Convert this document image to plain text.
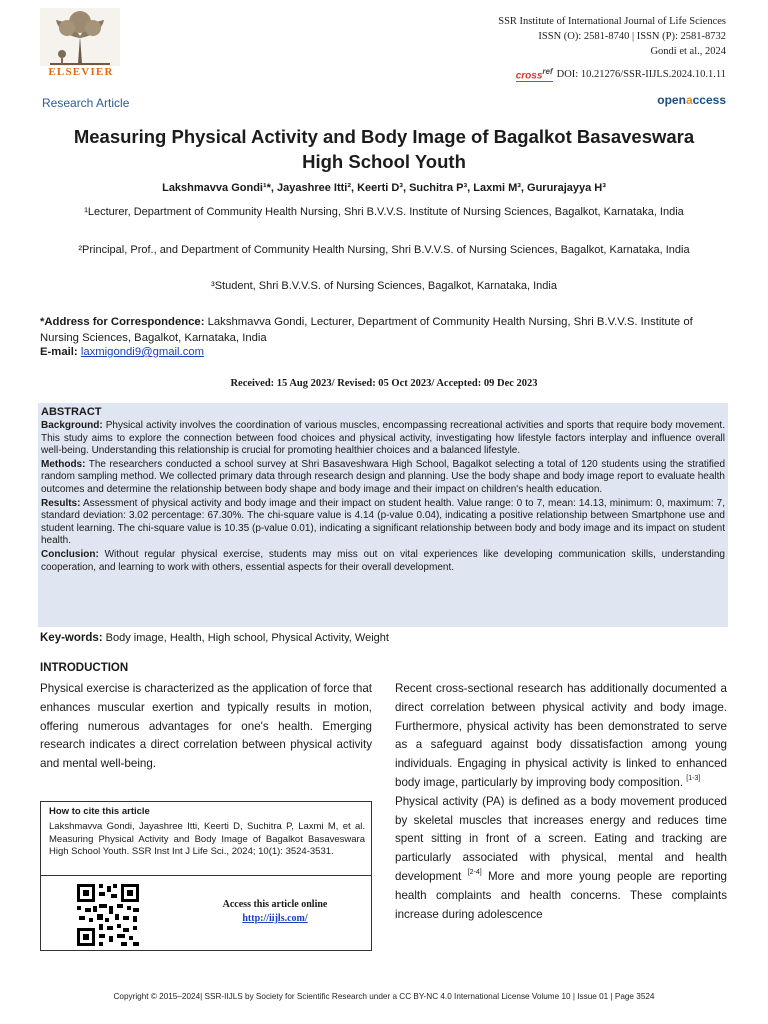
ELSEVIER
SSR Institute of International Journal of Life Sciences
ISSN (O): 2581-8740 | ISSN (P): 2581-8732
Gondi et al., 2024
cross$^{ref}$ DOI: 10.21276/SSR-IIJLS.2024.10.1.11
Research Article	openaccess
Measuring Physical Activity and Body Image of Bagalkot Basaveswara High School Youth
Lakshmavva Gondi¹*, Jayashree Itti², Keerti D³, Suchitra P³, Laxmi M³, Gururajayya H³
¹Lecturer, Department of Community Health Nursing, Shri B.V.V.S. Institute of Nursing Sciences, Bagalkot, Karnataka, India
²Principal, Prof., and Department of Community Health Nursing, Shri B.V.V.S. of Nursing Sciences, Bagalkot, Karnataka, India
³Student, Shri B.V.V.S. of Nursing Sciences, Bagalkot, Karnataka, India
*Address for Correspondence: Lakshmavva Gondi, Lecturer, Department of Community Health Nursing, Shri B.V.V.S. Institute of Nursing Sciences, Bagalkot, Karnataka, India
E-mail: laxmigondi9@gmail.com
Received: 15 Aug 2023/ Revised: 05 Oct 2023/ Accepted: 09 Dec 2023
ABSTRACT

Background: Physical activity involves the coordination of various muscles, encompassing recreational activities and sports that require body movement. This study aims to explore the connection between food choices and physical activity, investigating how lifestyle factors interplay and influence overall well-being. Understanding this relationship is crucial for promoting healthier choices and a balanced lifestyle.

Methods: The researchers conducted a school survey at Shri Basaveshwara High School, Bagalkot selecting a total of 120 students using the stratified random sampling method. We collected primary data through research design and planning. Use the body shape and body image report to evaluate health outcomes and determine the relationship between body shape and body image and their impact on children's health education.

Results: Assessment of physical activity and body image and their impact on student health. Value range: 0 to 7, mean: 14.13, minimum: 0, maximum: 7, standard deviation: 3.02 percentage: 67.30%. The chi-square value is 4.14 (p-value 0.04), indicating a positive relationship between Smartphone use and student learning. The chi-square value is 10.35 (p-value 0.01), indicating a significant relationship between body and body image and its impact on student health.

Conclusion: Without regular physical exercise, students may miss out on vital experiences like developing communication skills, understanding cooperation, and learning to work with others, essential aspects for their overall development.

Key-words: Body image, Health, High school, Physical Activity, Weight
INTRODUCTION
Physical exercise is characterized as the application of force that enhances muscular exertion and typically results in motion, offering numerous advantages for one's health. Emerging research indicates a direct correlation between physical activity and mental well-being.

Recent cross-sectional research has additionally documented a direct correlation between physical activity and body image. Furthermore, physical activity has been demonstrated to serve as a safeguard against body dissatisfaction among young individuals. Engaging in physical activity is linked to enhanced body image, particularly by improving body composition. [1-3]

Physical activity (PA) is defined as a body movement produced by skeletal muscles that increases energy and reduces time spent sitting in front of a screen. Eating and tracking are particularly associated with physical, mental and health development [2-4] More and more young people are reporting health complaints and health concerns. These complaints increase during adolescence

How to cite this article
Lakshmavva Gondi, Jayashree Itti, Keerti D, Suchitra P, Laxmi M, et al. Measuring Physical Activity and Body Image of Bagalkot Basaveswara High School Youth. SSR Inst Int J Life Sci., 2024; 10(1): 3524-3531.
Access this article online
http://iijls.com/
Copyright © 2015–2024| SSR-IIJLS by Society for Scientific Research under a CC BY-NC 4.0 International License Volume 10 | Issue 01 | Page 3524
